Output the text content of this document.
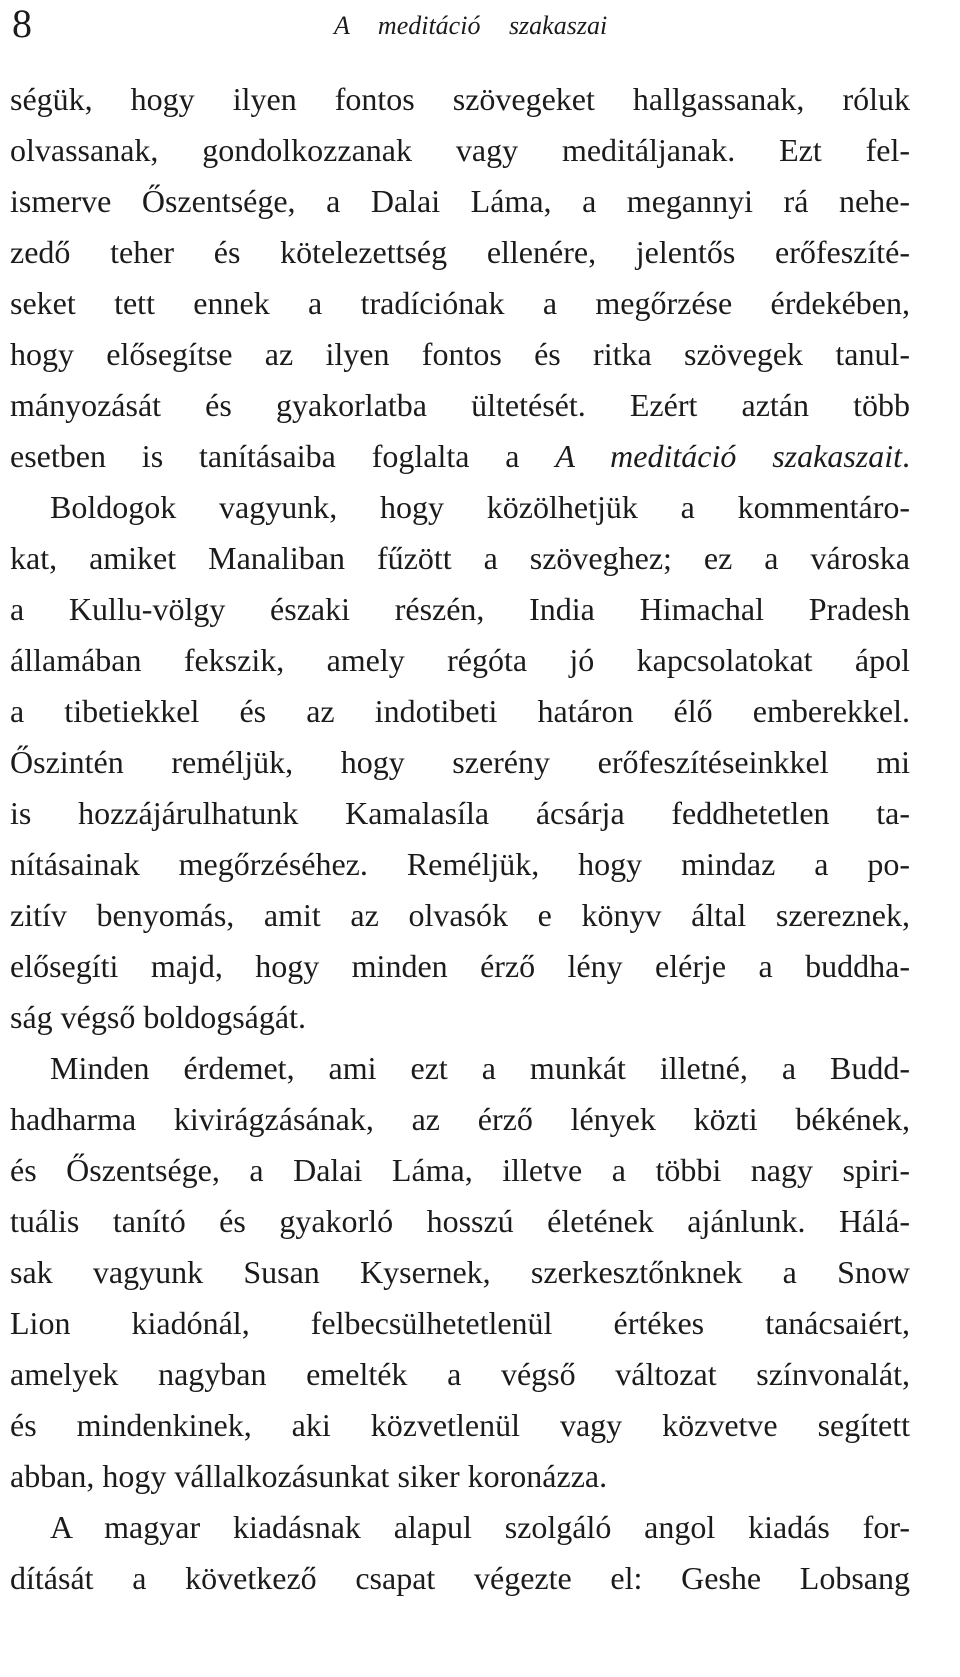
8	A meditáció szakaszai
ségük, hogy ilyen fontos szövegeket hallgassanak, róluk
olvassanak, gondolkozzanak vagy meditáljanak. Ezt fel-
ismerve Őszentsége, a Dalai Láma, a megannyi rá nehe-
zedő teher és kötelezettség ellenére, jelentős erőfeszíté-
seket tett ennek a tradíciónak a megőrzése érdekében,
hogy elősegítse az ilyen fontos és ritka szövegek tanul-
mányozását és gyakorlatba ültetését. Ezért aztán több
esetben is tanításaiba foglalta a A meditáció szakaszait.
Boldogok vagyunk, hogy közölhetjük a kommentáro-
kat, amiket Manaliban fűzött a szöveghez; ez a városka
a Kullu-völgy északi részén, India Himachal Pradesh
államában fekszik, amely régóta jó kapcsolatokat ápol
a tibetiekkel és az indotibeti határon élő emberekkel.
Őszintén reméljük, hogy szerény erőfeszítéseinkkel mi
is hozzájárulhatunk Kamalasíla ácsárja feddhetetlen ta-
nításainak megőrzéséhez. Reméljük, hogy mindaz a po-
zitív benyomás, amit az olvasók e könyv által szereznek,
elősegíti majd, hogy minden érző lény elérje a buddha-
ság végső boldogságát.
Minden érdemet, ami ezt a munkát illetné, a Budd-
hadharma kivirágzásának, az érző lények közti békének,
és Őszentsége, a Dalai Láma, illetve a többi nagy spiri-
tuális tanító és gyakorló hosszú életének ajánlunk. Hálá-
sak vagyunk Susan Kysernek, szerkesztőnknek a Snow
Lion kiadónál, felbecsülhetetlenül értékes tanácsaiért,
amelyek nagyban emelték a végső változat színvonalát,
és mindenkinek, aki közvetlenül vagy közvetve segített
abban, hogy vállalkozásunkat siker koronázza.
A magyar kiadásnak alapul szolgáló angol kiadás for-
dítását a következő csapat végezte el: Geshe Lobsang
